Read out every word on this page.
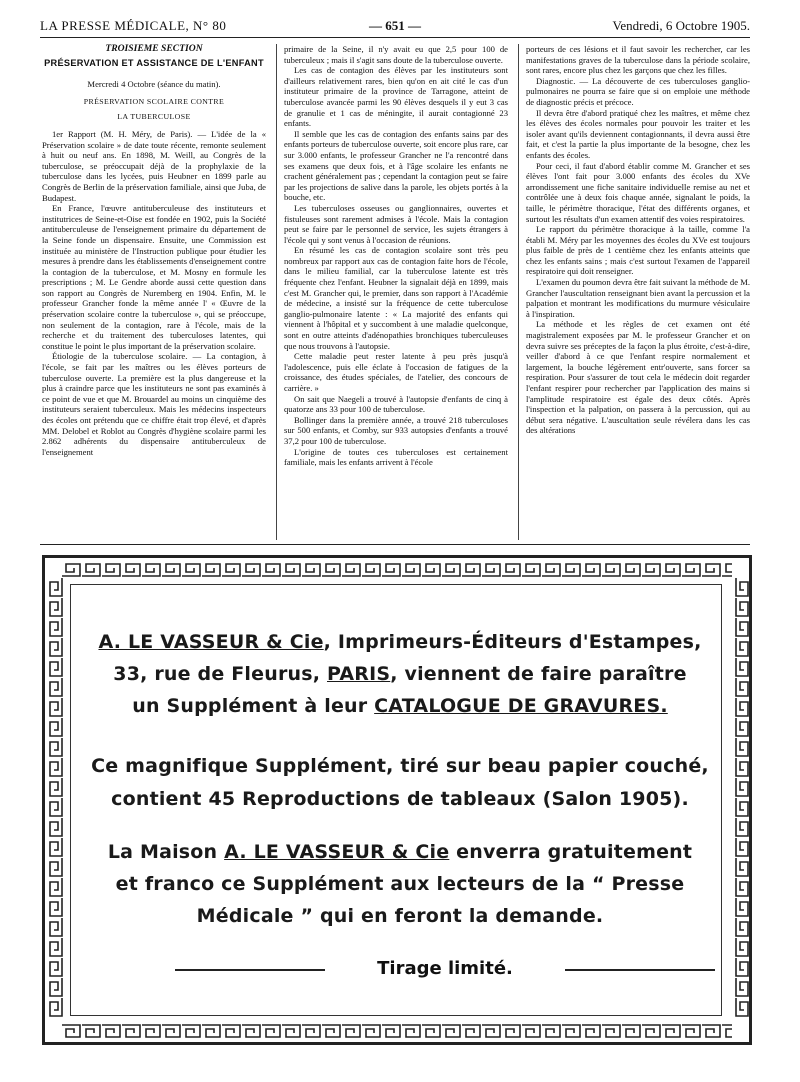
LA PRESSE MÉDICALE, N° 80	— 651 —	Vendredi, 6 Octobre 1905.
TROISIÈME SECTION
PRÉSERVATION ET ASSISTANCE DE L'ENFANT
Mercredi 4 Octobre (séance du matin).
PRÉSERVATION SCOLAIRE CONTRE
LA TUBERCULOSE

1er Rapport (M. H. Méry, de Paris). — L'idée de la « Préservation scolaire » de date toute récente, remonte seulement à huit ou neuf ans. En 1898, M. Weill, au Congrès de la tuberculose, se préoccupait déjà de la prophylaxie de la tuberculose dans les lycées, puis Heubner en 1899 parle au Congrès de Berlin de la préservation familiale, ainsi que Juba, de Budapest.

En France, l'œuvre antituberculeuse des instituteurs et institutrices de Seine-et-Oise est fondée en 1902, puis la Société antituberculeuse de l'enseignement primaire du département de la Seine fonde un dispensaire. Ensuite, une Commission est instituée au ministère de l'Instruction publique pour étudier les mesures à prendre dans les établissements d'enseignement contre la contagion de la tuberculose, et M. Mosny en formule les prescriptions ; M. Le Gendre aborde aussi cette question dans son rapport au Congrès de Nuremberg en 1904. Enfin, M. le professeur Grancher fonde la même année l' « Œuvre de la préservation scolaire contre la tuberculose », qui se préoccupe, non seulement de la contagion, rare à l'école, mais de la recherche et du traitement des tuberculoses latentes, qui constitue le point le plus important de la préservation scolaire.

Étiologie de la tuberculose scolaire. — La contagion, à l'école, se fait par les maîtres ou les élèves porteurs de tuberculose ouverte. La première est la plus dangereuse et la plus à craindre parce que les instituteurs ne sont pas examinés à ce point de vue et que M. Brouardel au moins un cinquième des instituteurs seraient tuberculeux. Mais les médecins inspecteurs des écoles ont prétendu que ce chiffre était trop élevé, et d'après MM. Delobel et Roblot au Congrès d'hygiène scolaire parmi les 2.862 adhérents du dispensaire antituberculeux de l'enseignement

primaire de la Seine, il n'y avait eu que 2,5 pour 100 de tuberculeux ; mais il s'agit sans doute de la tuberculose ouverte.

Les cas de contagion des élèves par les instituteurs sont d'ailleurs relativement rares, bien qu'on en ait cité le cas d'un instituteur primaire de la province de Tarragone, atteint de tuberculose avancée parmi les 90 élèves desquels il y eut 3 cas de granulie et 1 cas de méningite, il aurait contagionné 23 enfants.

Il semble que les cas de contagion des enfants sains par des enfants porteurs de tuberculose ouverte, soit encore plus rare, car sur 3.000 enfants, le professeur Grancher ne l'a rencontré dans ses examens que deux fois, et à l'âge scolaire les enfants ne crachent généralement pas ; cependant la contagion peut se faire par les projections de salive dans la parole, les objets portés à la bouche, etc.

Les tuberculoses osseuses ou ganglionnaires, ouvertes et fistuleuses sont rarement admises à l'école. Mais la contagion peut se faire par le personnel de service, les sujets étrangers à l'école qui y sont venus à l'occasion de réunions.

En résumé les cas de contagion scolaire sont très peu nombreux par rapport aux cas de contagion faite hors de l'école, dans le milieu familial, car la tuberculose latente est très fréquente chez l'enfant. Heubner la signalait déjà en 1899, mais c'est M. Grancher qui, le premier, dans son rapport à l'Académie de médecine, a insisté sur la fréquence de cette tuberculose ganglio-pulmonaire latente : « La majorité des enfants qui viennent à l'hôpital et y succombent à une maladie quelconque, sont en outre atteints d'adénopathies bronchiques tuberculeuses que nous trouvons à l'autopsie.

Cette maladie peut rester latente à peu près jusqu'à l'adolescence, puis elle éclate à l'occasion de fatigues de la croissance, des études spéciales, de l'atelier, des concours de carrière. »

On sait que Naegeli a trouvé à l'autopsie d'enfants de cinq à quatorze ans 33 pour 100 de tuberculose.

Bollinger dans la première année, a trouvé 218 tuberculoses sur 500 enfants, et Comby, sur 933 autopsies d'enfants a trouvé 37,2 pour 100 de tuberculose.

L'origine de toutes ces tuberculoses est certainement familiale, mais les enfants arrivent à l'école

porteurs de ces lésions et il faut savoir les rechercher, car les manifestations graves de la tuberculose dans la période scolaire, sont rares, encore plus chez les garçons que chez les filles.

Diagnostic. — La découverte de ces tuberculoses ganglio-pulmonaires ne pourra se faire que si on emploie une méthode de diagnostic précis et précoce.

Il devra être d'abord pratiqué chez les maîtres, et même chez les élèves des écoles normales pour pouvoir les traiter et les isoler avant qu'ils deviennent contagionnants, il devra aussi être fait, et c'est la partie la plus importante de la besogne, chez les enfants des écoles.

Pour ceci, il faut d'abord établir comme M. Grancher et ses élèves l'ont fait pour 3.000 enfants des écoles du XVe arrondissement une fiche sanitaire individuelle remise au net et contrôlée une à deux fois chaque année, signalant le poids, la taille, le périmètre thoracique, l'état des différents organes, et surtout les résultats d'un examen attentif des voies respiratoires.

Le rapport du périmètre thoracique à la taille, comme l'a établi M. Méry par les moyennes des écoles du XVe est toujours plus faible de près de 1 centième chez les enfants atteints que chez les enfants sains ; mais c'est surtout l'examen de l'appareil respiratoire qui doit renseigner.

L'examen du poumon devra être fait suivant la méthode de M. Grancher l'auscultation renseignant bien avant la percussion et la palpation et montrant les modifications du murmure vésiculaire à l'inspiration.

La méthode et les règles de cet examen ont été magistralement exposées par M. le professeur Grancher et on devra suivre ses préceptes de la façon la plus étroite, c'est-à-dire, veiller d'abord à ce que l'enfant respire normalement et largement, la bouche légèrement entr'ouverte, sans forcer sa respiration. Pour s'assurer de tout cela le médecin doit regarder l'enfant respirer pour rechercher par l'application des mains si l'amplitude respiratoire est égale des deux côtés. Après l'inspection et la palpation, on passera à la percussion, qui au début sera négative. L'auscultation seule révélera dans les cas des altérations

A. LE VASSEUR & Cie, Imprimeurs-Éditeurs d'Estampes,
33, rue de Fleurus, PARIS, viennent de faire paraître
un Supplément à leur CATALOGUE DE GRAVURES.
Ce magnifique Supplément, tiré sur beau papier couché,
contient 45 Reproductions de tableaux (Salon 1905).
La Maison A. LE VASSEUR & Cie enverra gratuitement
et franco ce Supplément aux lecteurs de la “ Presse
Médicale ” qui en feront la demande.
Tirage limité.
